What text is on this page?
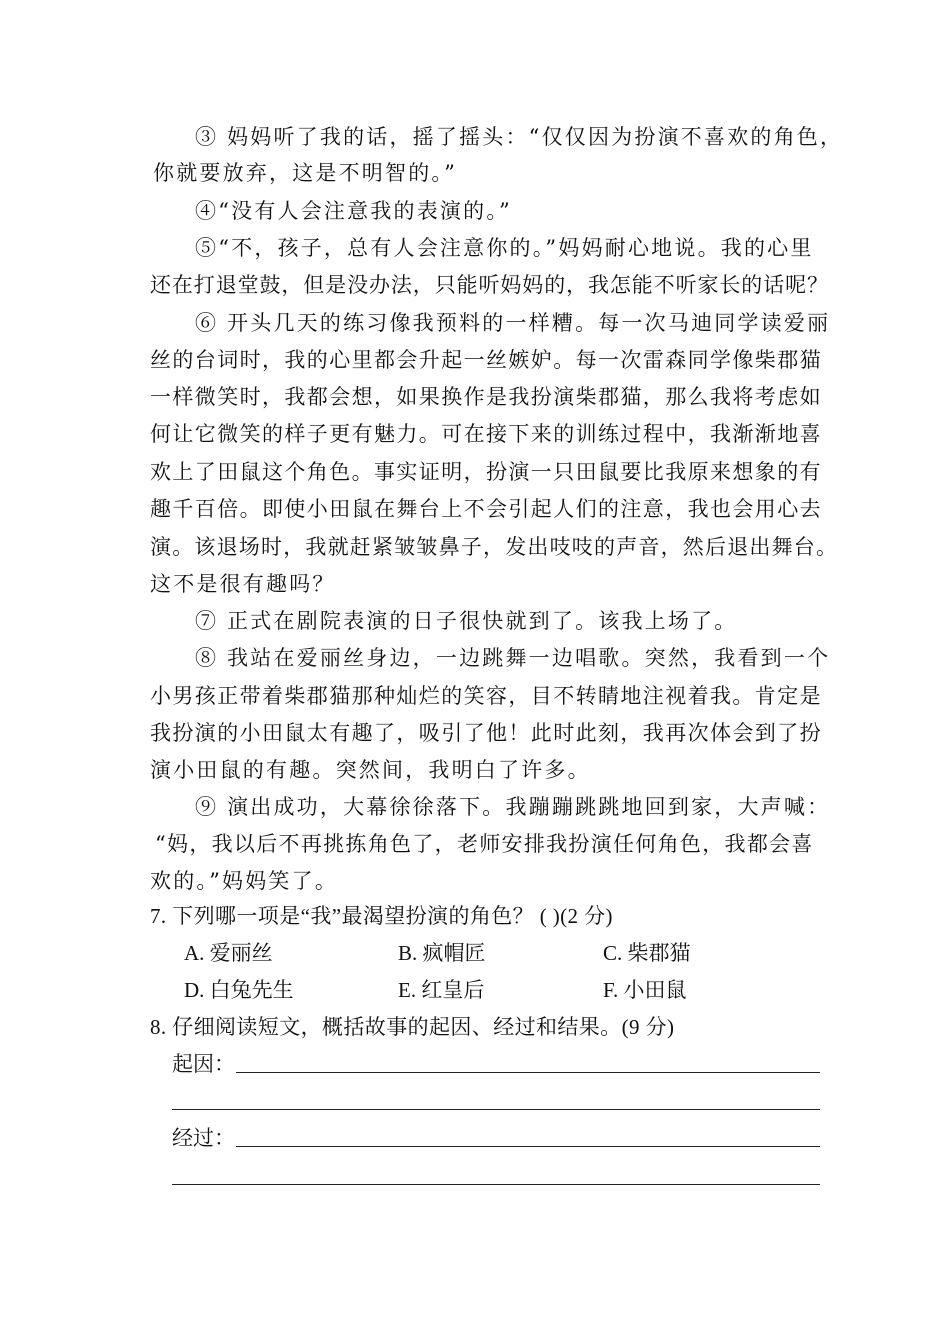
③ 妈妈听了我的话，摇了摇头：“仅仅因为扮演不喜欢的角色，
你就要放弃，这是不明智的。”
④“没有人会注意我的表演的。”
⑤“不，孩子，总有人会注意你的。”妈妈耐心地说。我的心里
还在打退堂鼓，但是没办法，只能听妈妈的，我怎能不听家长的话呢？
⑥ 开头几天的练习像我预料的一样糟。每一次马迪同学读爱丽
丝的台词时，我的心里都会升起一丝嫉妒。每一次雷森同学像柴郡猫
一样微笑时，我都会想，如果换作是我扮演柴郡猫，那么我将考虑如
何让它微笑的样子更有魅力。可在接下来的训练过程中，我渐渐地喜
欢上了田鼠这个角色。事实证明，扮演一只田鼠要比我原来想象的有
趣千百倍。即使小田鼠在舞台上不会引起人们的注意，我也会用心去
演。该退场时，我就赶紧皱皱鼻子，发出吱吱的声音，然后退出舞台。
这不是很有趣吗？
⑦ 正式在剧院表演的日子很快就到了。该我上场了。
⑧ 我站在爱丽丝身边，一边跳舞一边唱歌。突然，我看到一个
小男孩正带着柴郡猫那种灿烂的笑容，目不转睛地注视着我。肯定是
我扮演的小田鼠太有趣了，吸引了他！此时此刻，我再次体会到了扮
演小田鼠的有趣。突然间，我明白了许多。
⑨ 演出成功，大幕徐徐落下。我蹦蹦跳跳地回到家，大声喊：
“妈，我以后不再挑拣角色了，老师安排我扮演任何角色，我都会喜
欢的。”妈妈笑了。
7. 下列哪一项是“我”最渴望扮演的角色？ ( )(2 分)
A. 爱丽丝	B. 疯帽匠	C. 柴郡猫
D. 白兔先生	E. 红皇后	F. 小田鼠
8. 仔细阅读短文，概括故事的起因、经过和结果。(9 分)
起因：
经过：
